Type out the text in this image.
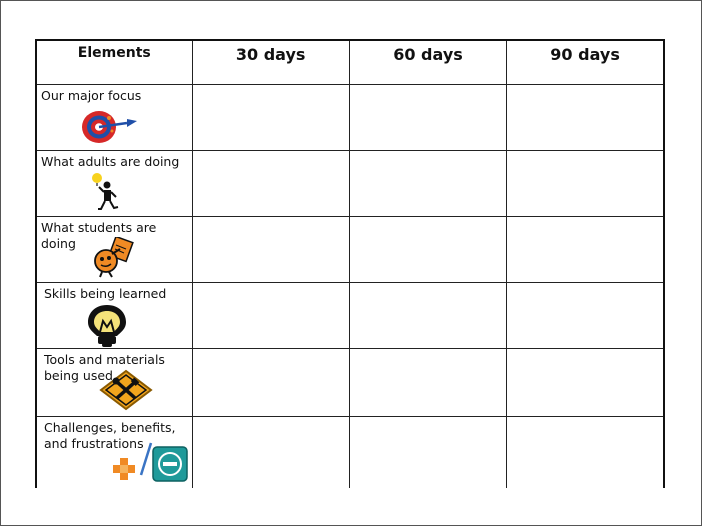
Elements	30 days	60 days	90 days

Our major focus			

What adults are doing			

What students are doing			

Skills being learned			

Tools and materials being used			

Challenges, benefits, and frustrations			
